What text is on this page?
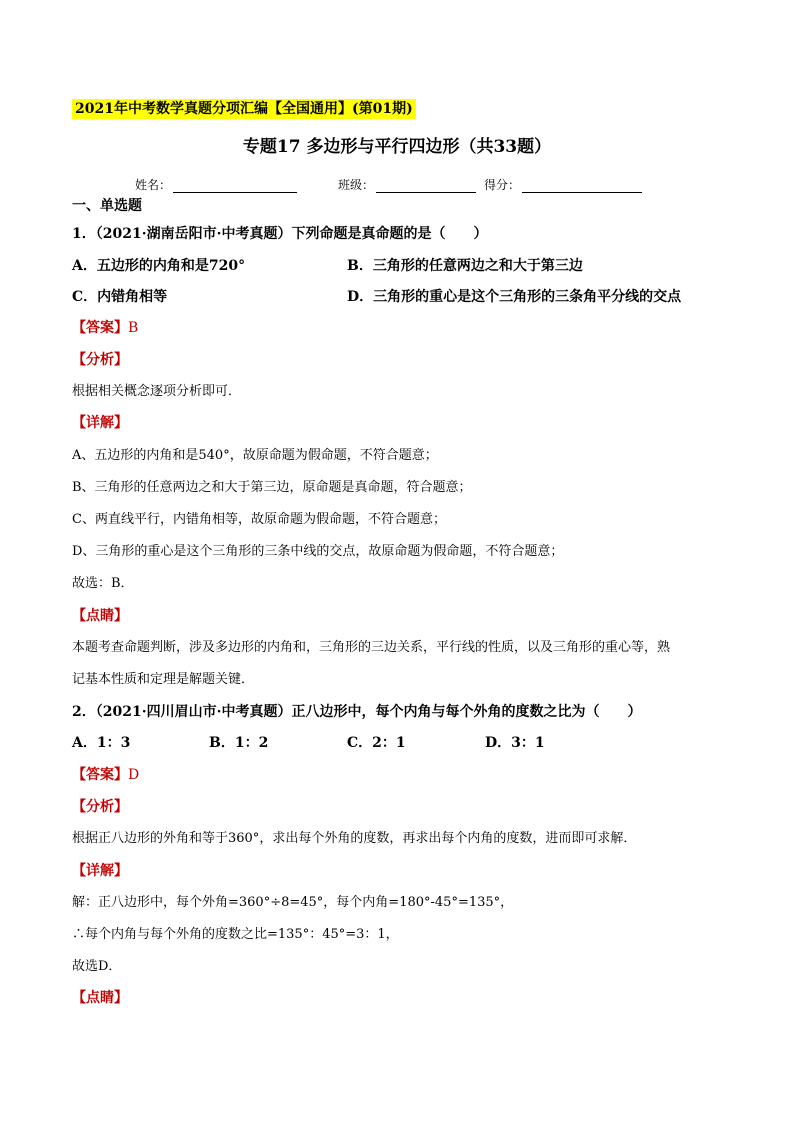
2021年中考数学真题分项汇编【全国通用】(第01期)
专题17 多边形与平行四边形（共33题）
姓名：	班级：	得分：
一、单选题
1．（2021·湖南岳阳市·中考真题）下列命题是真命题的是（　　）
A．五边形的内角和是720°	B．三角形的任意两边之和大于第三边
C．内错角相等	D．三角形的重心是这个三角形的三条角平分线的交点
【答案】B
【分析】
根据相关概念逐项分析即可．
【详解】
A、五边形的内角和是540°，故原命题为假命题，不符合题意；
B、三角形的任意两边之和大于第三边，原命题是真命题，符合题意；
C、两直线平行，内错角相等，故原命题为假命题，不符合题意；
D、三角形的重心是这个三角形的三条中线的交点，故原命题为假命题，不符合题意；
故选：B．
【点睛】
本题考查命题判断，涉及多边形的内角和，三角形的三边关系，平行线的性质，以及三角形的重心等，熟
记基本性质和定理是解题关键．
2．（2021·四川眉山市·中考真题）正八边形中，每个内角与每个外角的度数之比为（　　）
A．1：3	B．1：2	C．2：1	D．3：1
【答案】D
【分析】
根据正八边形的外角和等于360°，求出每个外角的度数，再求出每个内角的度数，进而即可求解．
【详解】
解：正八边形中，每个外角=360°÷8=45°，每个内角=180°-45°=135°，
∴每个内角与每个外角的度数之比=135°：45°=3：1，
故选D．
【点睛】
